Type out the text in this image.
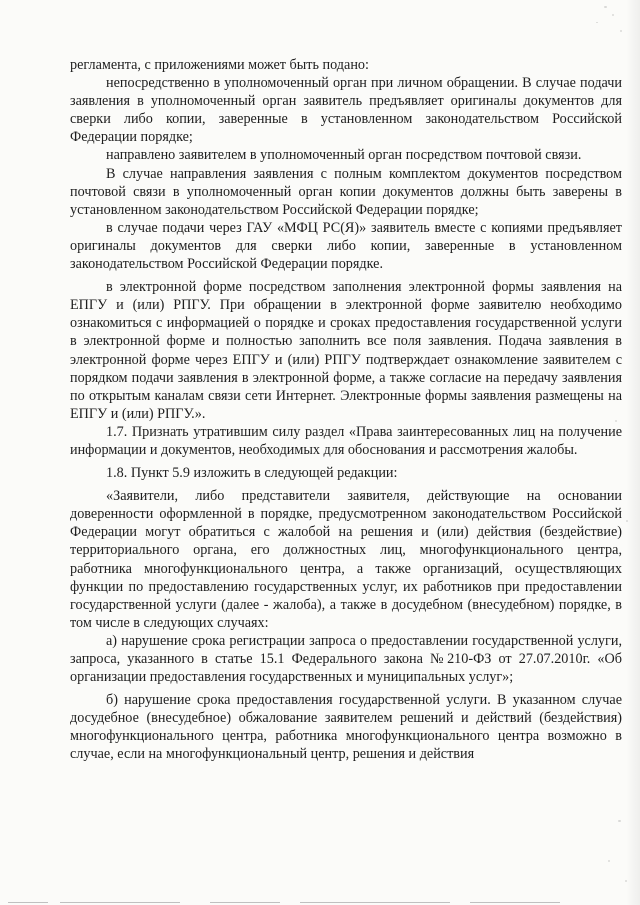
регламента, с приложениями может быть подано:

непосредственно в уполномоченный орган при личном обращении. В случае подачи заявления в уполномоченный орган заявитель предъявляет оригиналы документов для сверки либо копии, заверенные в установленном законодательством Российской Федерации порядке;

направлено заявителем в уполномоченный орган посредством почтовой связи.

В случае направления заявления с полным комплектом документов посредством почтовой связи в уполномоченный орган копии документов должны быть заверены в установленном законодательством Российской Федерации порядке;

в случае подачи через ГАУ «МФЦ РС(Я)» заявитель вместе с копиями предъявляет оригиналы документов для сверки либо копии, заверенные в установленном законодательством Российской Федерации порядке.

в электронной форме посредством заполнения электронной формы заявления на ЕПГУ и (или) РПГУ. При обращении в электронной форме заявителю необходимо ознакомиться с информацией о порядке и сроках предоставления государственной услуги в электронной форме и полностью заполнить все поля заявления. Подача заявления в электронной форме через ЕПГУ и (или) РПГУ подтверждает ознакомление заявителем с порядком подачи заявления в электронной форме, а также согласие на передачу заявления по открытым каналам связи сети Интернет. Электронные формы заявления размещены на ЕПГУ и (или) РПГУ.».

1.7. Признать утратившим силу раздел «Права заинтересованных лиц на получение информации и документов, необходимых для обоснования и рассмотрения жалобы.

1.8. Пункт 5.9 изложить в следующей редакции:

«Заявители, либо представители заявителя, действующие на основании доверенности оформленной в порядке, предусмотренном законодательством Российской Федерации могут обратиться с жалобой на решения и (или) действия (бездействие) территориального органа, его должностных лиц, многофункционального центра, работника многофункционального центра, а также организаций, осуществляющих функции по предоставлению государственных услуг, их работников при предоставлении государственной услуги (далее - жалоба), а также в досудебном (внесудебном) порядке, в том числе в следующих случаях:

а) нарушение срока регистрации запроса о предоставлении государственной услуги, запроса, указанного в статье 15.1 Федерального закона №210-ФЗ от 27.07.2010г. «Об организации предоставления государственных и муниципальных услуг»;

б) нарушение срока предоставления государственной услуги. В указанном случае досудебное (внесудебное) обжалование заявителем решений и действий (бездействия) многофункционального центра, работника многофункционального центра возможно в случае, если на многофункциональный центр, решения и действия
